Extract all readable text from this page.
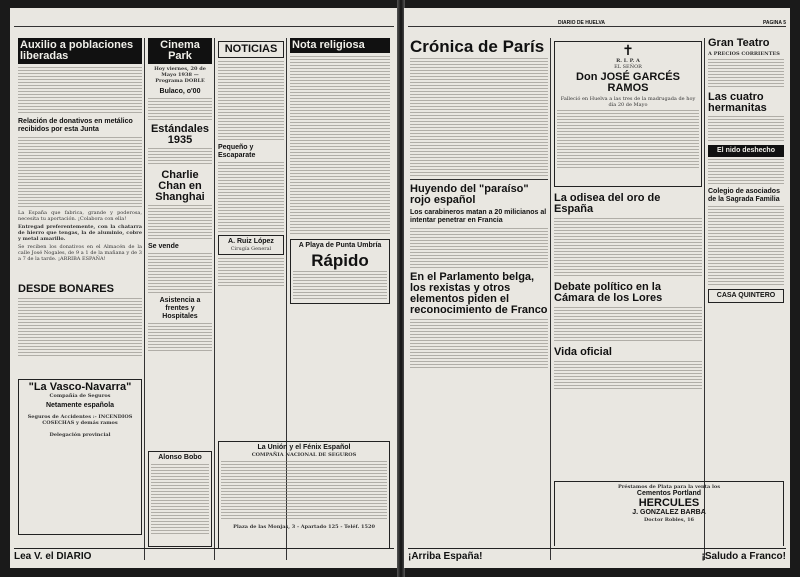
Auxilio a poblaciones liberadas
Relación de donativos en metálico recibidos por esta Junta
La España que fabrica, grande y poderosa, necesita tu aportación. ¡Colabora con ella!
Entregad preferentemente, con la chatarra de hierro que tengas, la de aluminio, cobre y metal amarillo.
Se reciben los donativos en el Almacén de la calle José Nogales, de 9 a 1 de la mañana y de 3 a 7 de la tarde. ¡ARRIBA ESPAÑA!
Cinema Park
Hoy viernes, 20 de Mayo 1938 — Programa DOBLE
Bulaco, o'00
Estándales 1935
Charlie Chan en Shanghai
Se vende
Asistencia a frentes y Hospitales
NOTICIAS
Pequeño y Escaparate
A. Ruiz López
Cirugía General
Nota religiosa
A Playa de Punta Umbría
Rápido
"La Vasco-Navarra"
Compañía de Seguros
Netamente española
Seguros de Accidentes :- INCENDIOS
COSECHAS y demás ramos
Delegación provincial
Alonso Bobo
La Unión y el Fénix Español
COMPAÑIA NACIONAL DE SEGUROS
Plaza de las Monjas, 3 - Apartado 125 - Teléf. 1520
Lea V. el DIARIO
DESDE BONARES
DIARIO DE HUELVA	PAGINA 5
Crónica de París
Huyendo del "paraíso" rojo español
Los carabineros matan a 20 milicianos al intentar penetrar en Francia
En el Parlamento belga, los rexistas y otros elementos piden el reconocimiento de Franco
✝
R. I. P. A
EL SEÑOR
Don JOSÉ GARCÉS RAMOS
Falleció en Huelva a las tres de la madrugada de hoy día 20 de Mayo
La odisea del oro de España
Debate político en la Cámara de los Lores
Vida oficial
Gran Teatro
A PRECIOS CORRIENTES
Las cuatro hermanitas
El nido deshecho
Colegio de asociados de la Sagrada Familia
CASA QUINTERO
Préstamos de Plata para la venta los
Cementos Portland
HERCULES
J. GONZALEZ BARBA
Doctor Robles, 16
¡Arriba España!	¡Saludo a Franco!
